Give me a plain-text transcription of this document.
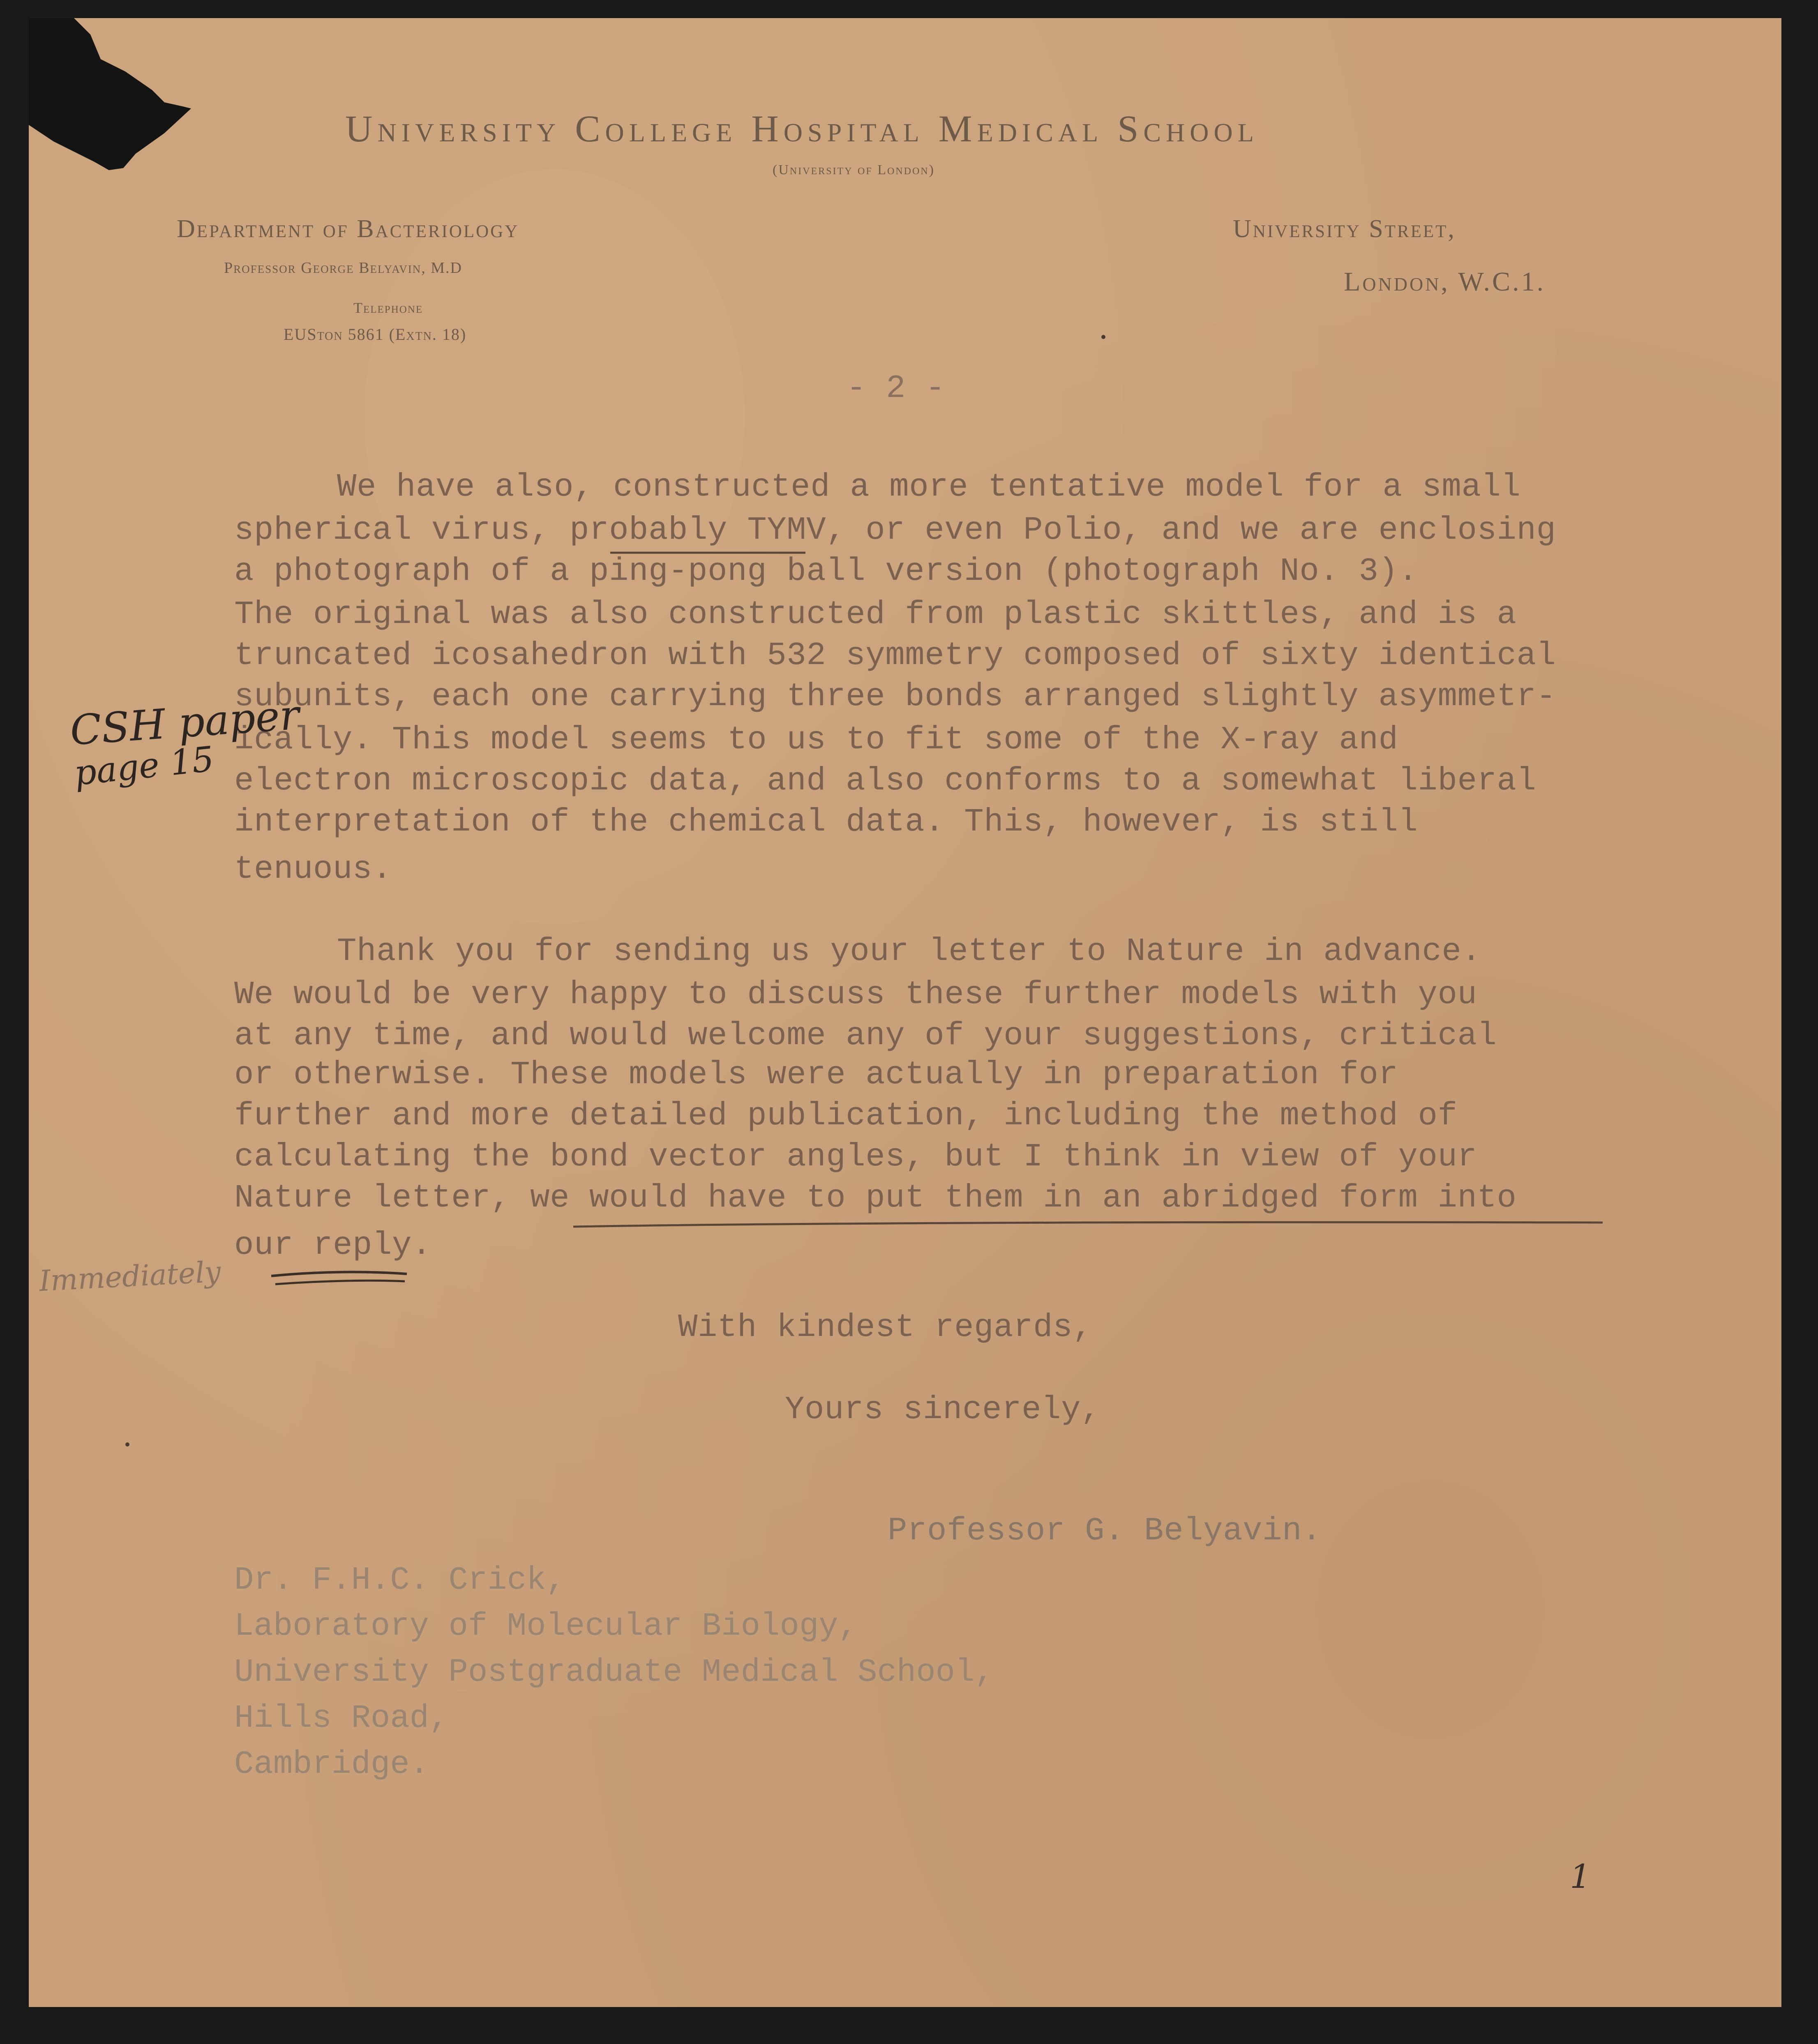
University College Hospital Medical School
(University of London)
Department of Bacteriology
Professor George Belyavin, M.D
Telephone
EUSton 5861 (Extn. 18)
University Street,
London, W.C.1.
- 2 -
We have also, constructed a more tentative model for a small
spherical virus, probably TYMV, or even Polio, and we are enclosing
a photograph of a ping-pong ball version (photograph No. 3).
The original was also constructed from plastic skittles, and is a
truncated icosahedron with 532 symmetry composed of sixty identical
subunits, each one carrying three bonds arranged slightly asymmetr-
ically. This model seems to us to fit some of the X-ray and
electron microscopic data, and also conforms to a somewhat liberal
interpretation of the chemical data. This, however, is still
tenuous.
Thank you for sending us your letter to Nature in advance.
We would be very happy to discuss these further models with you
at any time, and would welcome any of your suggestions, critical
or otherwise. These models were actually in preparation for
further and more detailed publication, including the method of
calculating the bond vector angles, but I think in view of your
Nature letter, we would have to put them in an abridged form into
our reply.
With kindest regards,
Yours sincerely,
Professor G. Belyavin.
Dr. F.H.C. Crick,
Laboratory of Molecular Biology,
University Postgraduate Medical School,
Hills Road,
Cambridge.
CSH paper
page 15
Immediately
1
